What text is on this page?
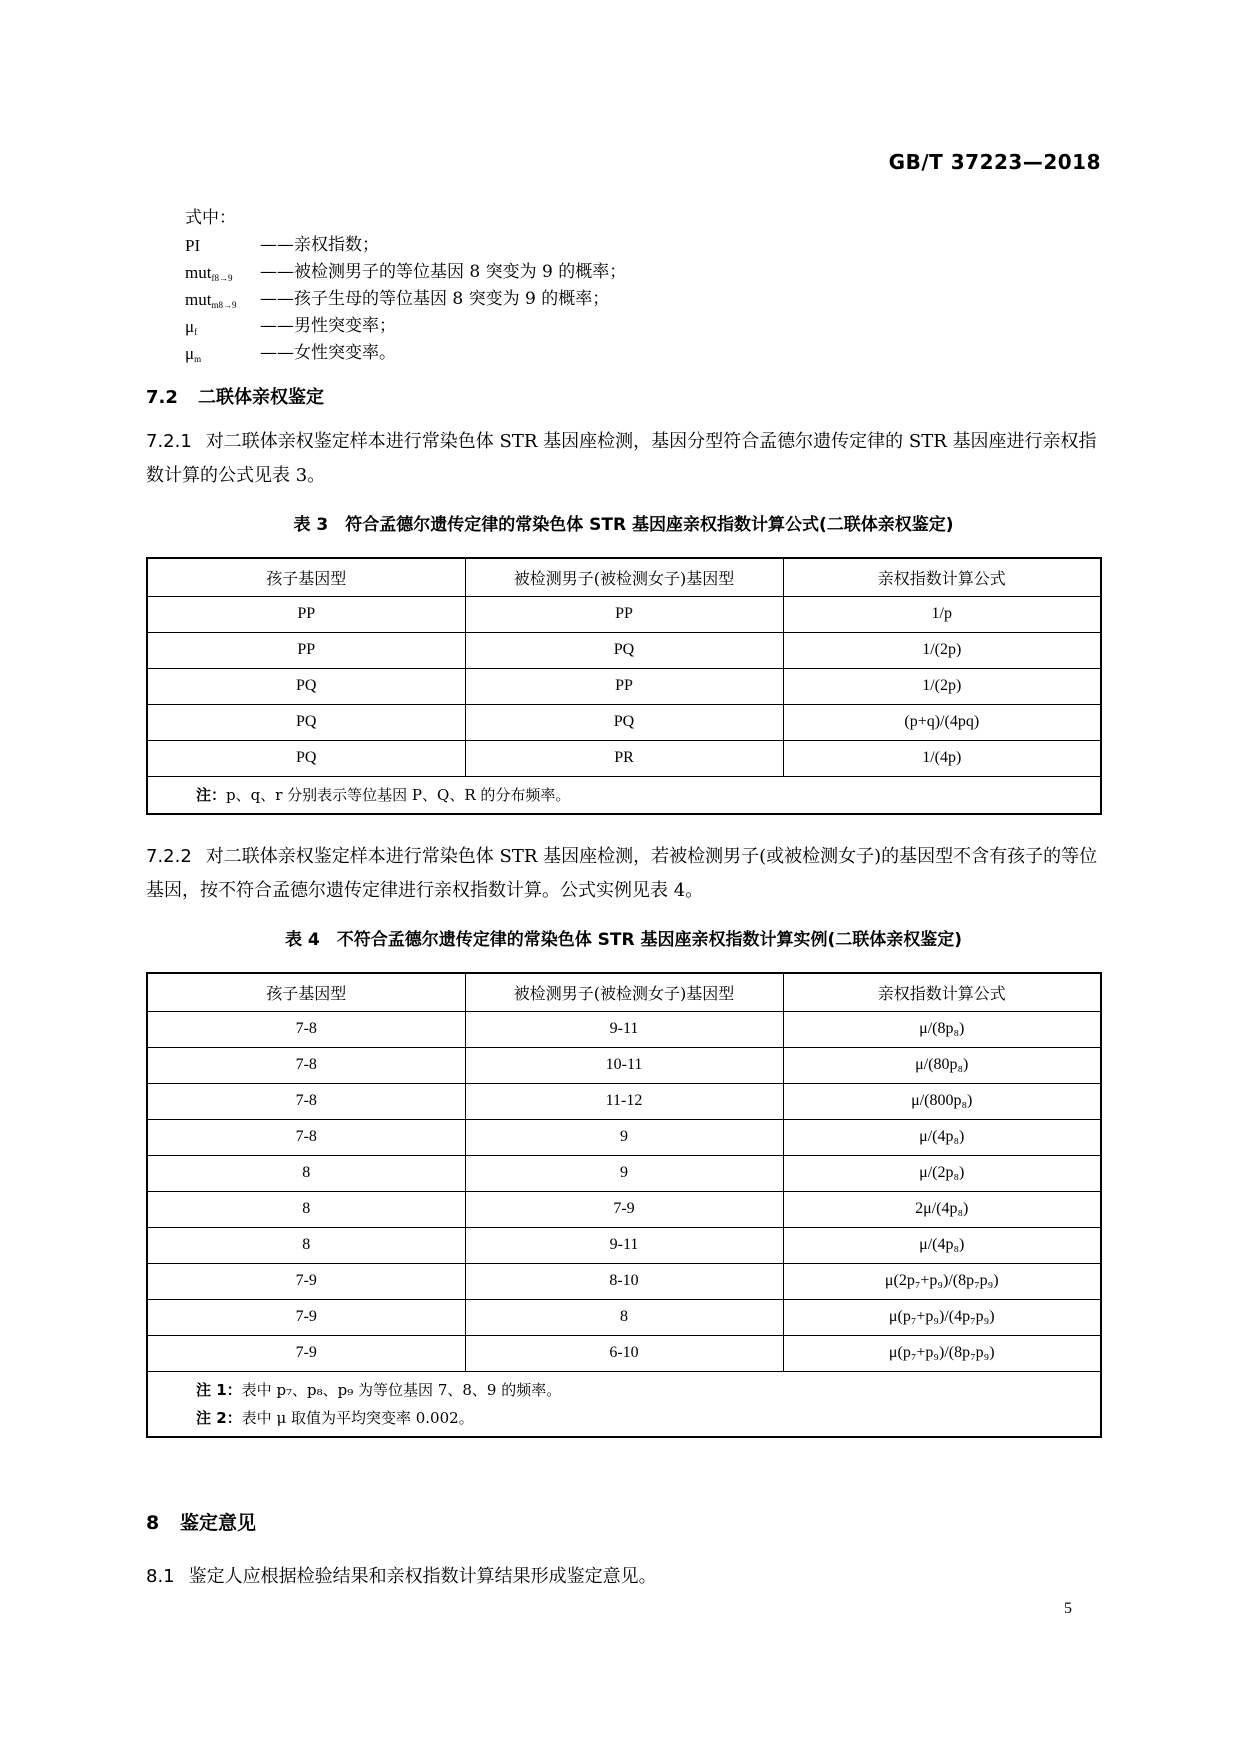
GB/T 37223—2018
式中：
PI	——亲权指数；
mut$_{f8\to 9}$	——被检测男子的等位基因 8 突变为 9 的概率；
mut$_{m8\to 9}$	——孩子生母的等位基因 8 突变为 9 的概率；
$\mu_f$	——男性突变率；
$\mu_m$	——女性突变率。
7.2 二联体亲权鉴定
7.2.1 对二联体亲权鉴定样本进行常染色体 STR 基因座检测，基因分型符合孟德尔遗传定律的 STR 基因座进行亲权指数计算的公式见表 3。
表 3　符合孟德尔遗传定律的常染色体 STR 基因座亲权指数计算公式(二联体亲权鉴定)
孩子基因型	被检测男子(被检测女子)基因型	亲权指数计算公式
PP	PP	1/p
PP	PQ	1/(2p)
PQ	PP	1/(2p)
PQ	PQ	(p+q)/(4pq)
PQ	PR	1/(4p)
注：p、q、r 分别表示等位基因 P、Q、R 的分布频率。		
7.2.2 对二联体亲权鉴定样本进行常染色体 STR 基因座检测，若被检测男子(或被检测女子)的基因型不含有孩子的等位基因，按不符合孟德尔遗传定律进行亲权指数计算。公式实例见表 4。
表 4　不符合孟德尔遗传定律的常染色体 STR 基因座亲权指数计算实例(二联体亲权鉴定)
孩子基因型	被检测男子(被检测女子)基因型	亲权指数计算公式
7-8	9-11	μ/(8p₈)
7-8	10-11	μ/(80p₈)
7-8	11-12	μ/(800p₈)
7-8	9	μ/(4p₈)
8	9	μ/(2p₈)
8	7-9	2μ/(4p₈)
8	9-11	μ/(4p₈)
7-9	8-10	μ(2p₇+p₉)/(8p₇p₉)
7-9	8	μ(p₇+p₉)/(4p₇p₉)
7-9	6-10	μ(p₇+p₉)/(8p₇p₉)

注 1：表中 p₇、p₈、p₉ 为等位基因 7、8、9 的频率。
注 2：表中 μ 取值为平均突变率 0.002。		
8 鉴定意见
8.1 鉴定人应根据检验结果和亲权指数计算结果形成鉴定意见。
5
